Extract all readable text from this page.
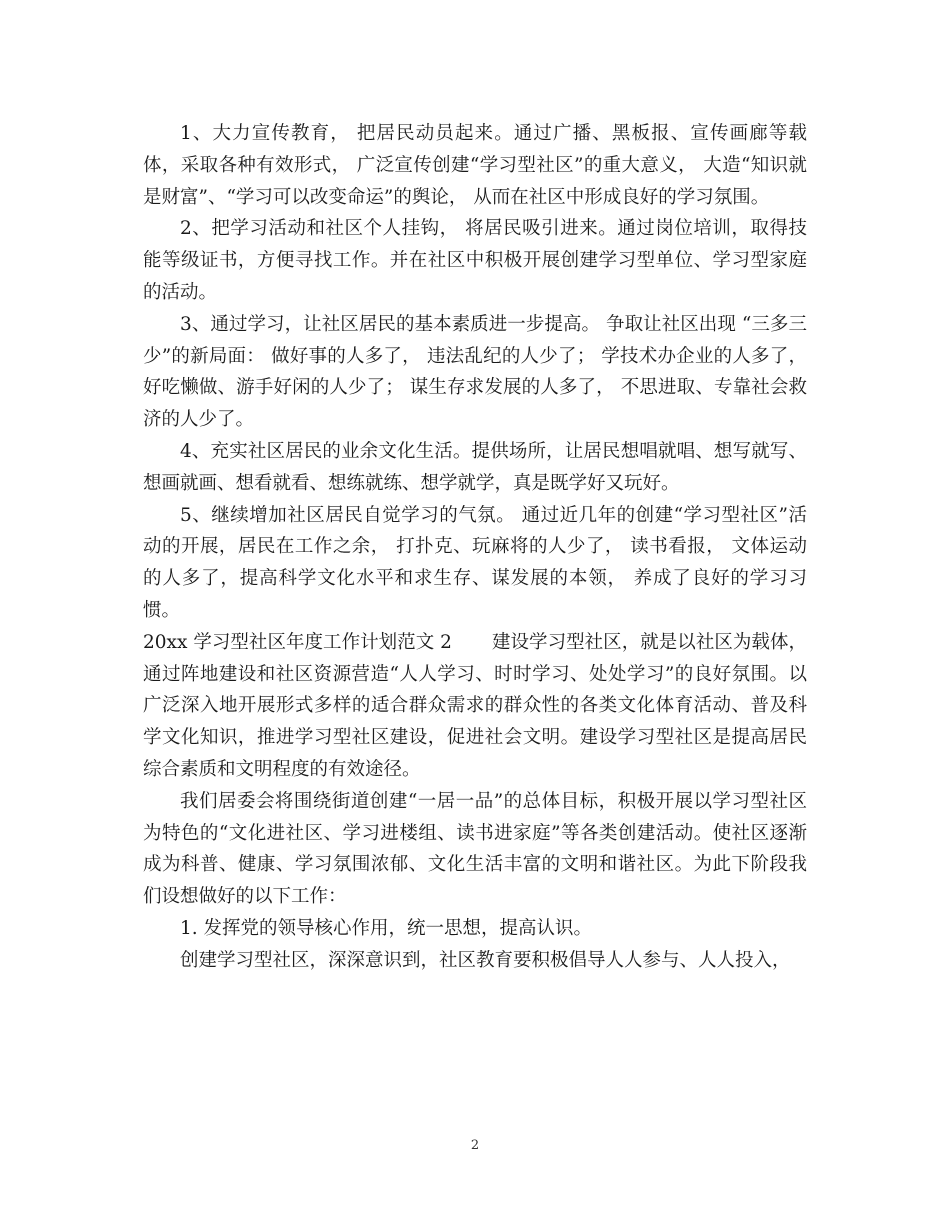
1、大力宣传教育， 把居民动员起来。通过广播、黑板报、宣传画廊等载体，采取各种有效形式， 广泛宣传创建“学习型社区”的重大意义， 大造“知识就是财富”、“学习可以改变命运”的舆论， 从而在社区中形成良好的学习氛围。

2、把学习活动和社区个人挂钩， 将居民吸引进来。通过岗位培训，取得技能等级证书，方便寻找工作。并在社区中积极开展创建学习型单位、学习型家庭的活动。

3、通过学习，让社区居民的基本素质进一步提高。 争取让社区出现 “三多三少”的新局面： 做好事的人多了， 违法乱纪的人少了； 学技术办企业的人多了， 好吃懒做、游手好闲的人少了； 谋生存求发展的人多了， 不思进取、专靠社会救济的人少了。

4、充实社区居民的业余文化生活。提供场所，让居民想唱就唱、想写就写、想画就画、想看就看、想练就练、想学就学，真是既学好又玩好。

5、继续增加社区居民自觉学习的气氛。 通过近几年的创建“学习型社区”活动的开展，居民在工作之余， 打扑克、玩麻将的人少了， 读书看报， 文体运动的人多了，提高科学文化水平和求生存、谋发展的本领， 养成了良好的学习习惯。

20xx 学习型社区年度工作计划范文 2 建设学习型社区，就是以社区为载体，通过阵地建设和社区资源营造“人人学习、时时学习、处处学习”的良好氛围。以广泛深入地开展形式多样的适合群众需求的群众性的各类文化体育活动、普及科学文化知识，推进学习型社区建设，促进社会文明。建设学习型社区是提高居民综合素质和文明程度的有效途径。

我们居委会将围绕街道创建“一居一品”的总体目标，积极开展以学习型社区为特色的“文化进社区、学习进楼组、读书进家庭”等各类创建活动。使社区逐渐成为科普、健康、学习氛围浓郁、文化生活丰富的文明和谐社区。为此下阶段我们设想做好的以下工作：

1. 发挥党的领导核心作用，统一思想，提高认识。

创建学习型社区，深深意识到，社区教育要积极倡导人人参与、人人投入，

2
